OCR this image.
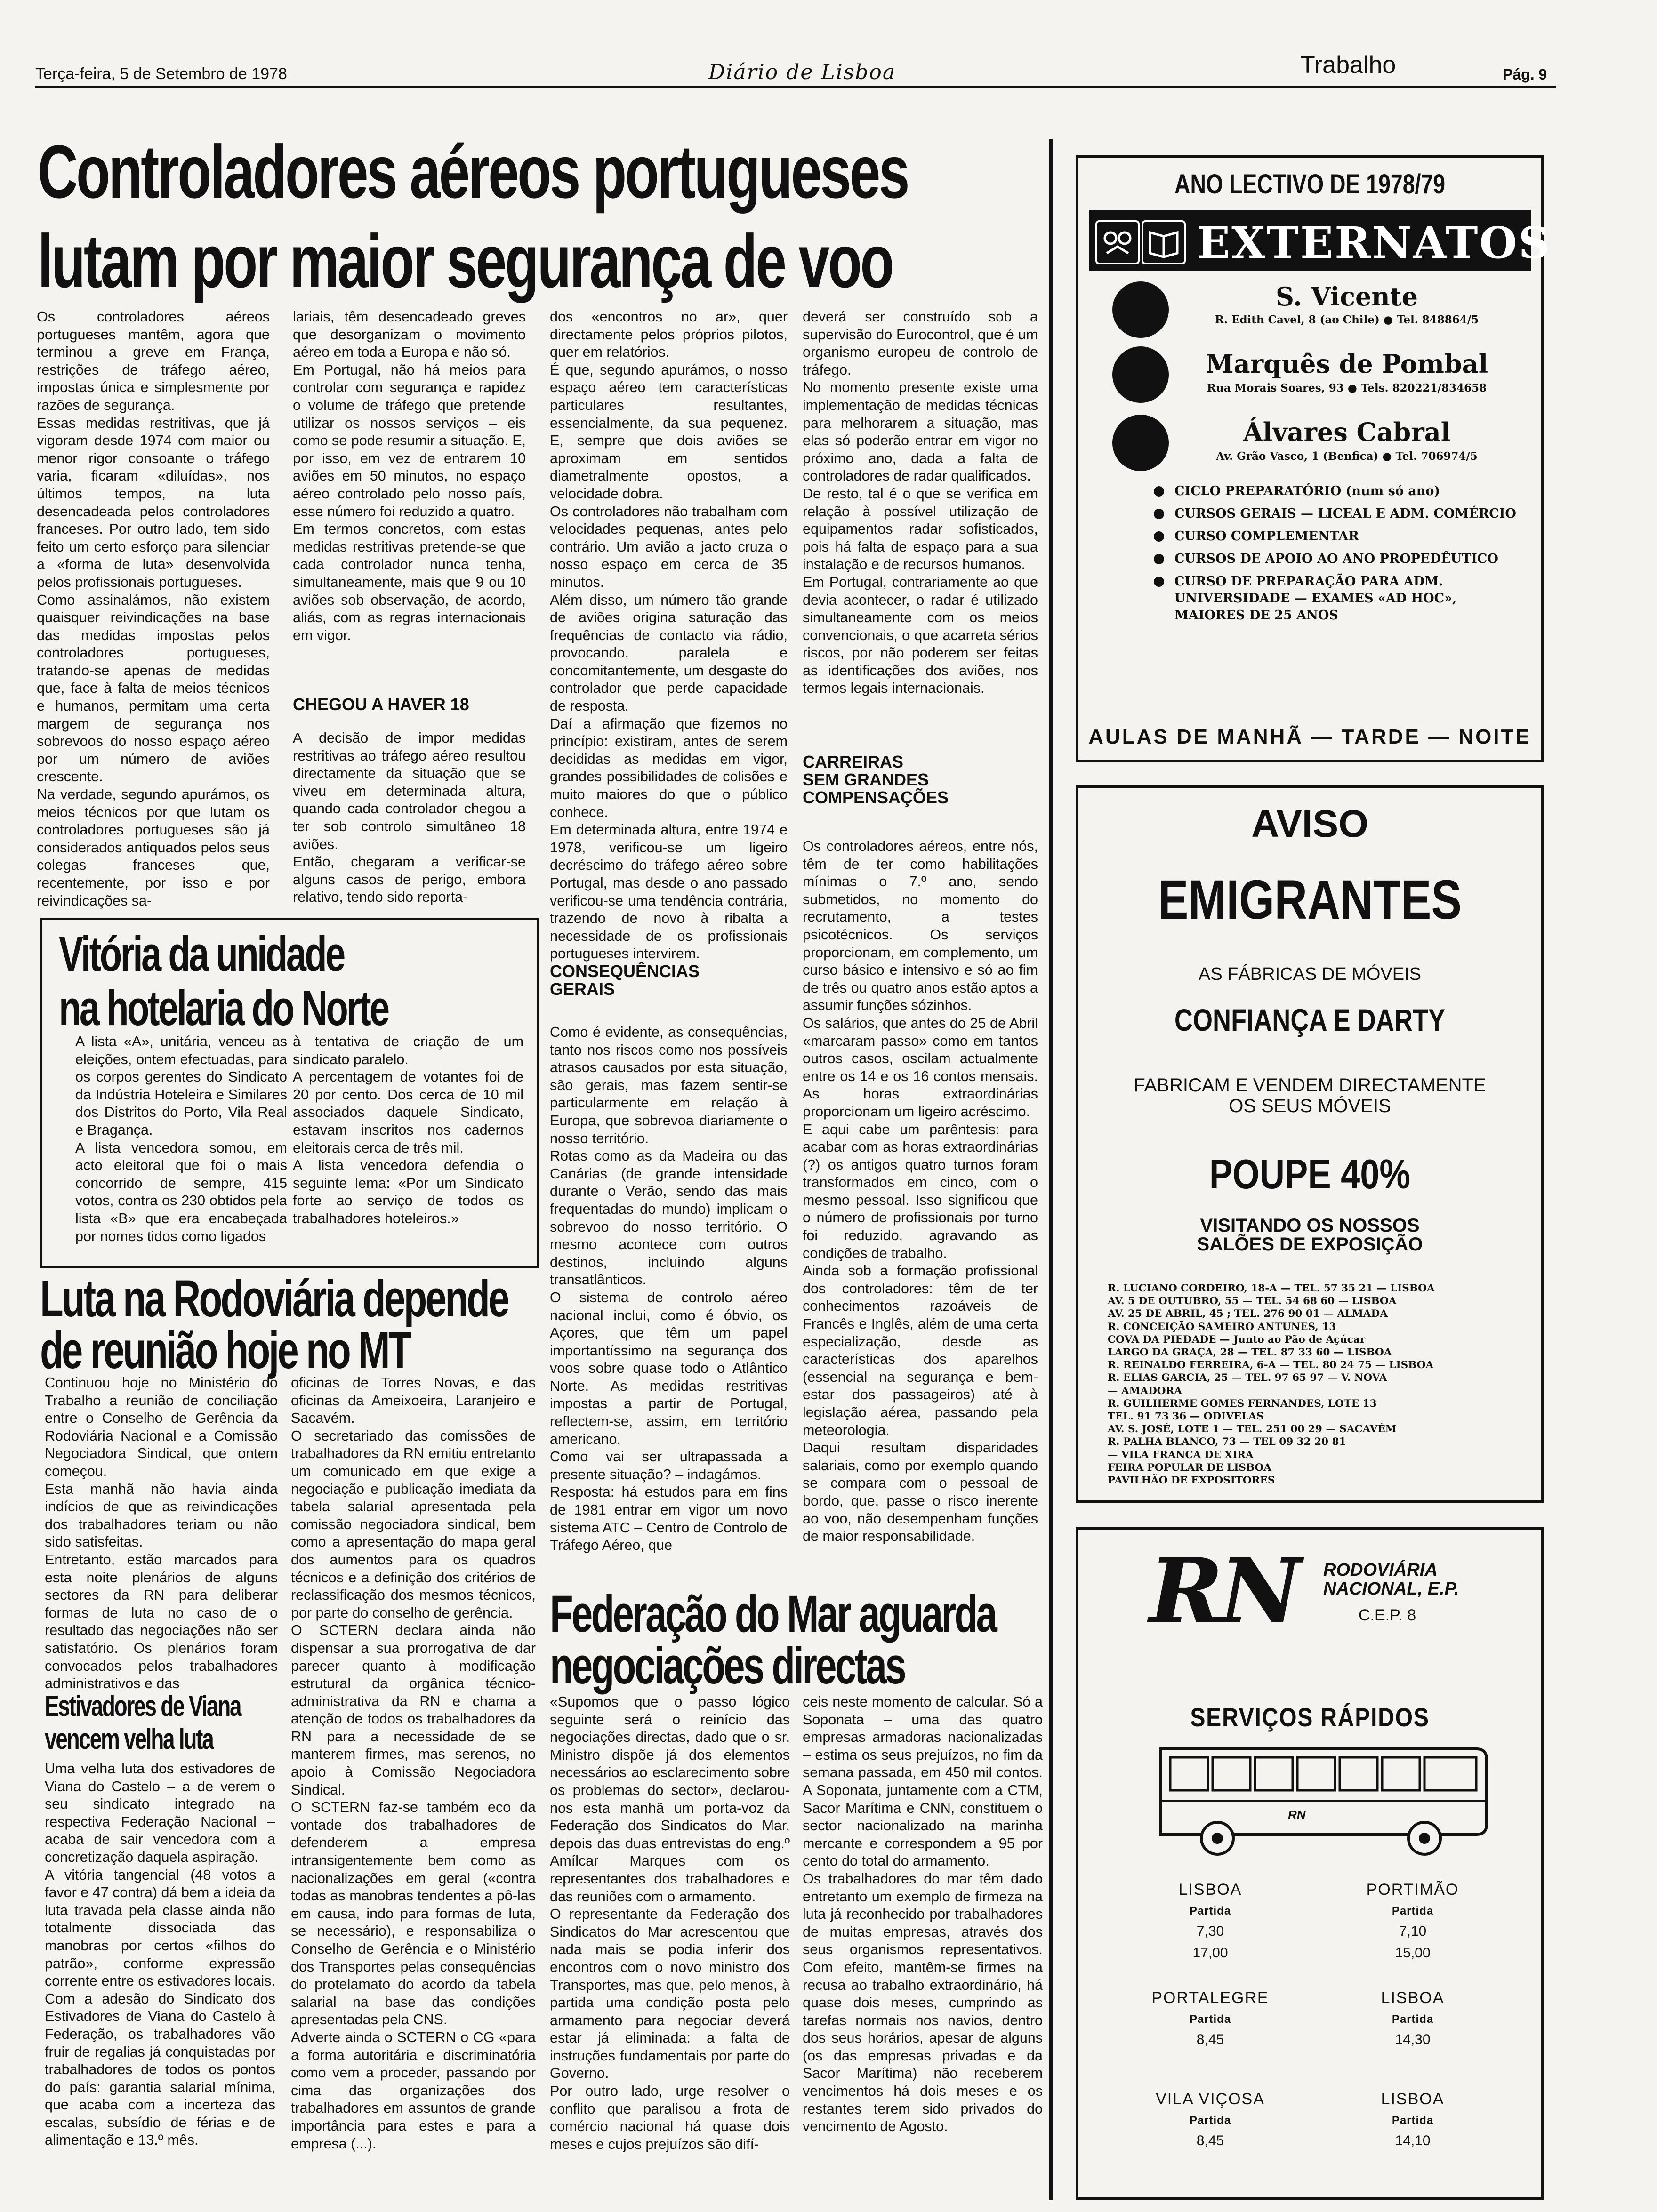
Terça-feira, 5 de Setembro de 1978	Diário de Lisboa	Trabalho	Pág. 9
Controladores aéreos portugueses
lutam por maior segurança de voo
Os controladores aéreos portugueses mantêm, agora que terminou a greve em França, restrições de tráfego aéreo, impostas única e simplesmente por razões de segurança.
Essas medidas restritivas, que já vigoram desde 1974 com maior ou menor rigor consoante o tráfego varia, ficaram «diluídas», nos últimos tempos, na luta desencadeada pelos controladores franceses. Por outro lado, tem sido feito um certo esforço para silenciar a «forma de luta» desenvolvida pelos profissionais portugueses.
Como assinalámos, não existem quaisquer reivindicações na base das medidas impostas pelos controladores portugueses, tratando-se apenas de medidas que, face à falta de meios técnicos e humanos, permitam uma certa margem de segurança nos sobrevoos do nosso espaço aéreo por um número de aviões crescente.
Na verdade, segundo apurámos, os meios técnicos por que lutam os controladores portugueses são já considerados antiquados pelos seus colegas franceses que, recentemente, por isso e por reivindicações sa-
lariais, têm desencadeado greves que desorganizam o movimento aéreo em toda a Europa e não só.
Em Portugal, não há meios para controlar com segurança e rapidez o volume de tráfego que pretende utilizar os nossos serviços – eis como se pode resumir a situação. E, por isso, em vez de entrarem 10 aviões em 50 minutos, no espaço aéreo controlado pelo nosso país, esse número foi reduzido a quatro.
Em termos concretos, com estas medidas restritivas pretende-se que cada controlador nunca tenha, simultaneamente, mais que 9 ou 10 aviões sob observação, de acordo, aliás, com as regras internacionais em vigor.
CHEGOU A HAVER 18
A decisão de impor medidas restritivas ao tráfego aéreo resultou directamente da situação que se viveu em determinada altura, quando cada controlador chegou a ter sob controlo simultâneo 18 aviões.
Então, chegaram a verificar-se alguns casos de perigo, embora relativo, tendo sido reporta-
dos «encontros no ar», quer directamente pelos próprios pilotos, quer em relatórios.
É que, segundo apurámos, o nosso espaço aéreo tem características particulares resultantes, essencialmente, da sua pequenez. E, sempre que dois aviões se aproximam em sentidos diametralmente opostos, a velocidade dobra.
Os controladores não trabalham com velocidades pequenas, antes pelo contrário. Um avião a jacto cruza o nosso espaço em cerca de 35 minutos.
Além disso, um número tão grande de aviões origina saturação das frequências de contacto via rádio, provocando, paralela e concomitantemente, um desgaste do controlador que perde capacidade de resposta.
Daí a afirmação que fizemos no princípio: existiram, antes de serem decididas as medidas em vigor, grandes possibilidades de colisões e muito maiores do que o público conhece.
Em determinada altura, entre 1974 e 1978, verificou-se um ligeiro decréscimo do tráfego aéreo sobre Portugal, mas desde o ano passado verificou-se uma tendência contrária, trazendo de novo à ribalta a necessidade de os profissionais portugueses intervirem.
CONSEQUÊNCIAS
GERAIS
Como é evidente, as consequências, tanto nos riscos como nos possíveis atrasos causados por esta situação, são gerais, mas fazem sentir-se particularmente em relação à Europa, que sobrevoa diariamente o nosso território.
Rotas como as da Madeira ou das Canárias (de grande intensidade durante o Verão, sendo das mais frequentadas do mundo) implicam o sobrevoo do nosso território. O mesmo acontece com outros destinos, incluindo alguns transatlânticos.
O sistema de controlo aéreo nacional inclui, como é óbvio, os Açores, que têm um papel importantíssimo na segurança dos voos sobre quase todo o Atlântico Norte. As medidas restritivas impostas a partir de Portugal, reflectem-se, assim, em território americano.
Como vai ser ultrapassada a presente situação? – indagámos.
Resposta: há estudos para em fins de 1981 entrar em vigor um novo sistema ATC – Centro de Controlo de Tráfego Aéreo, que
deverá ser construído sob a supervisão do Eurocontrol, que é um organismo europeu de controlo de tráfego.
No momento presente existe uma implementação de medidas técnicas para melhorarem a situação, mas elas só poderão entrar em vigor no próximo ano, dada a falta de controladores de radar qualificados.
De resto, tal é o que se verifica em relação à possível utilização de equipamentos radar sofisticados, pois há falta de espaço para a sua instalação e de recursos humanos.
Em Portugal, contrariamente ao que devia acontecer, o radar é utilizado simultaneamente com os meios convencionais, o que acarreta sérios riscos, por não poderem ser feitas as identificações dos aviões, nos termos legais internacionais.
CARREIRAS
SEM GRANDES
COMPENSAÇÕES
Os controladores aéreos, entre nós, têm de ter como habilitações mínimas o 7.º ano, sendo submetidos, no momento do recrutamento, a testes psicotécnicos. Os serviços proporcionam, em complemento, um curso básico e intensivo e só ao fim de três ou quatro anos estão aptos a assumir funções sózinhos.
Os salários, que antes do 25 de Abril «marcaram passo» como em tantos outros casos, oscilam actualmente entre os 14 e os 16 contos mensais. As horas extraordinárias proporcionam um ligeiro acréscimo.
E aqui cabe um parêntesis: para acabar com as horas extraordinárias (?) os antigos quatro turnos foram transformados em cinco, com o mesmo pessoal. Isso significou que o número de profissionais por turno foi reduzido, agravando as condições de trabalho.
Ainda sob a formação profissional dos controladores: têm de ter conhecimentos razoáveis de Francês e Inglês, além de uma certa especialização, desde as características dos aparelhos (essencial na segurança e bem-estar dos passageiros) até à legislação aérea, passando pela meteorologia.
Daqui resultam disparidades salariais, como por exemplo quando se compara com o pessoal de bordo, que, passe o risco inerente ao voo, não desempenham funções de maior responsabilidade.
Vitória da unidade
na hotelaria do Norte
A lista «A», unitária, venceu as eleições, ontem efectuadas, para os corpos gerentes do Sindicato da Indústria Hoteleira e Similares dos Distritos do Porto, Vila Real e Bragança.
A lista vencedora somou, em acto eleitoral que foi o mais concorrido de sempre, 415 votos, contra os 230 obtidos pela lista «B» que era encabeçada por nomes tidos como ligados
à tentativa de criação de um sindicato paralelo.
A percentagem de votantes foi de 20 por cento. Dos cerca de 10 mil associados daquele Sindicato, estavam inscritos nos cadernos eleitorais cerca de três mil.
A lista vencedora defendia o seguinte lema: «Por um Sindicato forte ao serviço de todos os trabalhadores hoteleiros.»
Luta na Rodoviária depende
de reunião hoje no MT
Continuou hoje no Ministério do Trabalho a reunião de conciliação entre o Conselho de Gerência da Rodoviária Nacional e a Comissão Negociadora Sindical, que ontem começou.
Esta manhã não havia ainda indícios de que as reivindicações dos trabalhadores teriam ou não sido satisfeitas.
Entretanto, estão marcados para esta noite plenários de alguns sectores da RN para deliberar formas de luta no caso de o resultado das negociações não ser satisfatório. Os plenários foram convocados pelos trabalhadores administrativos e das
oficinas de Torres Novas, e das oficinas da Ameixoeira, Laranjeiro e Sacavém.
O secretariado das comissões de trabalhadores da RN emitiu entretanto um comunicado em que exige a negociação e publicação imediata da tabela salarial apresentada pela comissão negociadora sindical, bem como a apresentação do mapa geral dos aumentos para os quadros técnicos e a definição dos critérios de reclassificação dos mesmos técnicos, por parte do conselho de gerência.
O SCTERN declara ainda não dispensar a sua prorrogativa de dar parecer quanto à modificação estrutural da orgânica técnico-administrativa da RN e chama a atenção de todos os trabalhadores da RN para a necessidade de se manterem firmes, mas serenos, no apoio à Comissão Negociadora Sindical.
O SCTERN faz-se também eco da vontade dos trabalhadores de defenderem a empresa intransigentemente bem como as nacionalizações em geral («contra todas as manobras tendentes a pô-las em causa, indo para formas de luta, se necessário), e responsabiliza o Conselho de Gerência e o Ministério dos Transportes pelas consequências do protelamato do acordo da tabela salarial na base das condições apresentadas pela CNS.
Adverte ainda o SCTERN o CG «para a forma autoritária e discriminatória como vem a proceder, passando por cima das organizações dos trabalhadores em assuntos de grande importância para estes e para a empresa (...).
Estivadores de Viana
vencem velha luta
Uma velha luta dos estivadores de Viana do Castelo – a de verem o seu sindicato integrado na respectiva Federação Nacional – acaba de sair vencedora com a concretização daquela aspiração.
A vitória tangencial (48 votos a favor e 47 contra) dá bem a ideia da luta travada pela classe ainda não totalmente dissociada das manobras por certos «filhos do patrão», conforme expressão corrente entre os estivadores locais.
Com a adesão do Sindicato dos Estivadores de Viana do Castelo à Federação, os trabalhadores vão fruir de regalias já conquistadas por trabalhadores de todos os pontos do país: garantia salarial mínima, que acaba com a incerteza das escalas, subsídio de férias e de alimentação e 13.º mês.
Federação do Mar aguarda
negociações directas
«Supomos que o passo lógico seguinte será o reinício das negociações directas, dado que o sr. Ministro dispõe já dos elementos necessários ao esclarecimento sobre os problemas do sector», declarou-nos esta manhã um porta-voz da Federação dos Sindicatos do Mar, depois das duas entrevistas do eng.º Amílcar Marques com os representantes dos trabalhadores e das reuniões com o armamento.
O representante da Federação dos Sindicatos do Mar acrescentou que nada mais se podia inferir dos encontros com o novo ministro dos Transportes, mas que, pelo menos, à partida uma condição posta pelo armamento para negociar deverá estar já eliminada: a falta de instruções fundamentais por parte do Governo.
Por outro lado, urge resolver o conflito que paralisou a frota de comércio nacional há quase dois meses e cujos prejuízos são difí-
ceis neste momento de calcular. Só a Soponata – uma das quatro empresas armadoras nacionalizadas – estima os seus prejuízos, no fim da semana passada, em 450 mil contos. A Soponata, juntamente com a CTM, Sacor Marítima e CNN, constituem o sector nacionalizado na marinha mercante e correspondem a 95 por cento do total do armamento.
Os trabalhadores do mar têm dado entretanto um exemplo de firmeza na luta já reconhecido por trabalhadores de muitas empresas, através dos seus organismos representativos. Com efeito, mantêm-se firmes na recusa ao trabalho extraordinário, há quase dois meses, cumprindo as tarefas normais nos navios, dentro dos seus horários, apesar de alguns (os das empresas privadas e da Sacor Marítima) não receberem vencimentos há dois meses e os restantes terem sido privados do vencimento de Agosto.
ANO LECTIVO DE 1978/79
EXTERNATOS
S. Vicente
R. Edith Cavel, 8 (ao Chile) ● Tel. 848864/5
Marquês de Pombal
Rua Morais Soares, 93 ● Tels. 820221/834658
Álvares Cabral
Av. Grão Vasco, 1 (Benfica) ● Tel. 706974/5
CICLO PREPARATÓRIO (num só ano)
CURSOS GERAIS — LICEAL E ADM. COMÉRCIO
CURSO COMPLEMENTAR
CURSOS DE APOIO AO ANO PROPEDÊUTICO
CURSO DE PREPARAÇÃO PARA ADM. UNIVERSIDADE — EXAMES «AD HOC», MAIORES DE 25 ANOS
AULAS DE MANHÃ — TARDE — NOITE
AVISO
EMIGRANTES
AS FÁBRICAS DE MÓVEIS
CONFIANÇA E DARTY
FABRICAM E VENDEM DIRECTAMENTE
OS SEUS MÓVEIS
POUPE 40%
VISITANDO OS NOSSOS
SALÕES DE EXPOSIÇÃO
R. LUCIANO CORDEIRO, 18-A — TEL. 57 35 21 — LISBOA
AV. 5 DE OUTUBRO, 55 — TEL. 54 68 60 — LISBOA
AV. 25 DE ABRIL, 45 ; TEL. 276 90 01 — ALMADA
R. CONCEIÇÃO SAMEIRO ANTUNES, 13
COVA DA PIEDADE — Junto ao Pão de Açúcar
LARGO DA GRAÇA, 28 — TEL. 87 33 60 — LISBOA
R. REINALDO FERREIRA, 6-A — TEL. 80 24 75 — LISBOA
R. ELIAS GARCIA, 25 — TEL. 97 65 97 — V. NOVA
— AMADORA
R. GUILHERME GOMES FERNANDES, LOTE 13
TEL. 91 73 36 — ODIVELAS
AV. S. JOSÉ, LOTE 1 — TEL. 251 00 29 — SACAVÉM
R. PALHA BLANCO, 73 — TEL 09 32 20 81
— VILA FRANCA DE XIRA
FEIRA POPULAR DE LISBOA
PAVILHÃO DE EXPOSITORES
RN RODOVIÁRIA
NACIONAL, E.P.
C.E.P. 8
SERVIÇOS RÁPIDOS
RN
LISBOA
Partida
7,30
17,00
PORTIMÃO
Partida
7,10
15,00
PORTALEGRE
Partida
8,45
LISBOA
Partida
14,30
VILA VIÇOSA
Partida
8,45
LISBOA
Partida
14,10
